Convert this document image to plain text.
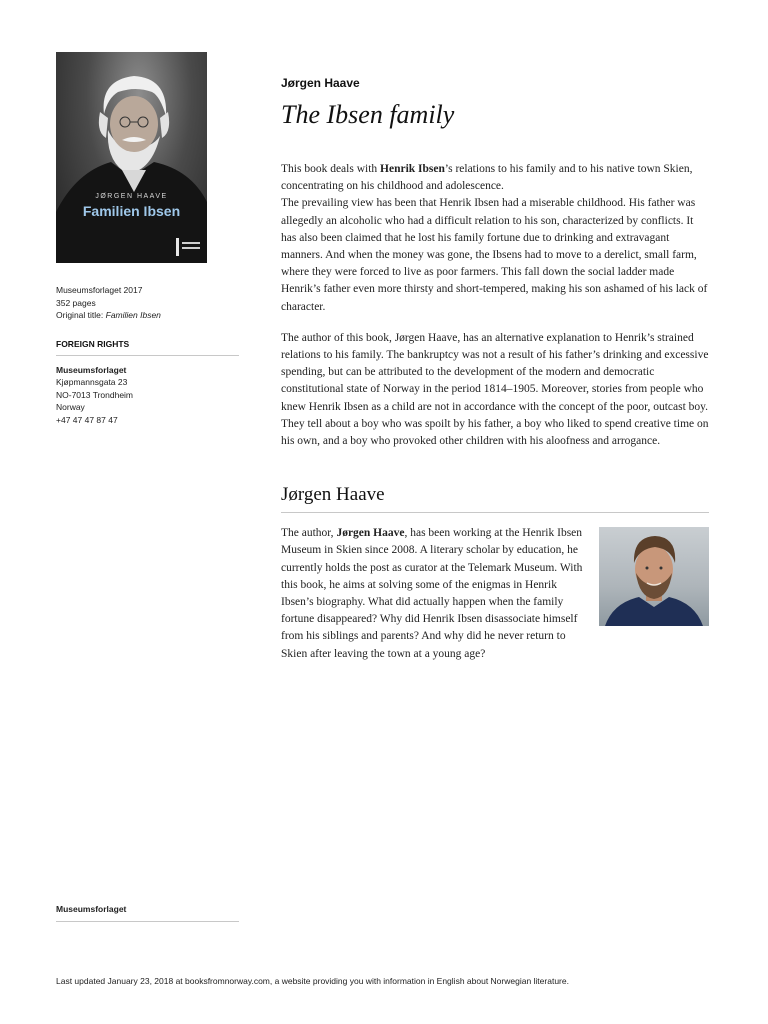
JØRGEN HAAVE
Familien Ibsen
Museumsforlaget 2017
352 pages
Original title: Familien Ibsen
FOREIGN RIGHTS
Museumsforlaget
Kjøpmannsgata 23
NO-7013 Trondheim
Norway
+47 47 47 87 47
Museumsforlaget
Jørgen Haave
The Ibsen family

This book deals with Henrik Ibsen’s relations to his family and to his native town Skien, concentrating on his childhood and adolescence.

The prevailing view has been that Henrik Ibsen had a miserable childhood. His father was allegedly an alcoholic who had a difficult relation to his son, characterized by conflicts. It has also been claimed that he lost his family fortune due to drinking and extravagant manners. And when the money was gone, the Ibsens had to move to a derelict, small farm, where they were forced to live as poor farmers. This fall down the social ladder made Henrik’s father even more thirsty and short-tempered, making his son ashamed of his lack of character.

The author of this book, Jørgen Haave, has an alternative explanation to Henrik’s strained relations to his family. The bankruptcy was not a result of his father’s drinking and excessive spending, but can be attributed to the development of the modern and democratic constitutional state of Norway in the period 1814–1905. Moreover, stories from people who knew Henrik Ibsen as a child are not in accordance with the concept of the poor, outcast boy. They tell about a boy who was spoilt by his father, a boy who liked to spend creative time on his own, and a boy who provoked other children with his aloofness and arrogance.

Jørgen Haave

The author, Jørgen Haave, has been working at the Henrik Ibsen Museum in Skien since 2008. A literary scholar by education, he currently holds the post as curator at the Telemark Museum. With this book, he aims at solving some of the enigmas in Henrik Ibsen’s biography. What did actually happen when the family fortune disappeared? Why did Henrik Ibsen disassociate himself from his siblings and parents? And why did he never return to Skien after leaving the town at a young age?

Last updated January 23, 2018 at booksfromnorway.com, a website providing you with information in English about Norwegian literature.
